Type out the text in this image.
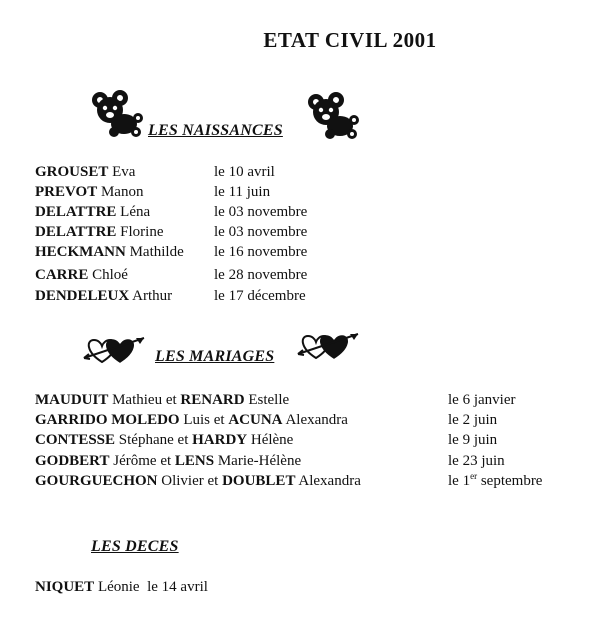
ETAT CIVIL 2001
LES NAISSANCES
GROUSET Eva	le 10 avril
PREVOT Manon	le 11 juin
DELATTRE Léna	le 03 novembre
DELATTRE Florine	le 03 novembre
HECKMANN Mathilde le 16 novembre
CARRE Chloé	le 28 novembre
DENDELEUX Arthur	le 17 décembre
LES MARIAGES
MAUDUIT Mathieu et RENARD Estelle	le 6 janvier
GARRIDO MOLEDO Luis et ACUNA Alexandra	le 2 juin
CONTESSE Stéphane et HARDY Hélène	le 9 juin
GODBERT Jérôme et LENS Marie-Hélène	le 23 juin
GOURGUECHON Olivier et DOUBLET Alexandra	le 1er septembre
LES DECES
NIQUET Léonie le 14 avril
